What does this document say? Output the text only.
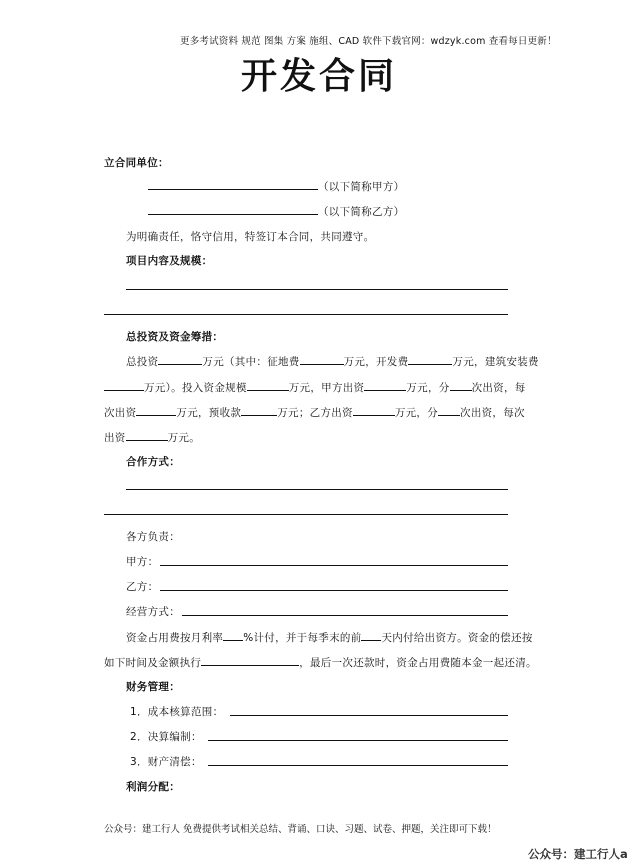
更多考试资料 规范 图集 方案 施组、CAD 软件下载官网：wdzyk.com 查看每日更新！
开发合同
立合同单位：
（以下简称甲方）
（以下简称乙方）
为明确责任，恪守信用，特签订本合同，共同遵守。
项目内容及规模：
总投资及资金筹措：
总投资	万元（其中：征地费	万元，开发费	万元，建筑安装费
万元）。投入资金规模	万元，甲方出资	万元，分 次出资，每
次出资	万元，预收款	万元；乙方出资	万元，分 次出资，每次
出资	万元。
合作方式：
各方负责：
甲方：
乙方：
经营方式：
资金占用费按月利率 %计付，并于每季末的前 天内付给出资方。资金的偿还按
如下时间及金额执行	，最后一次还款时，资金占用费随本金一起还清。
财务管理：
1．成本核算范围：
2．决算编制：
3．财产清偿：
利润分配：
公众号：建工行人 免费提供考试相关总结、背诵、口诀、习题、试卷、押题，关注即可下载！
公众号：建工行人a
